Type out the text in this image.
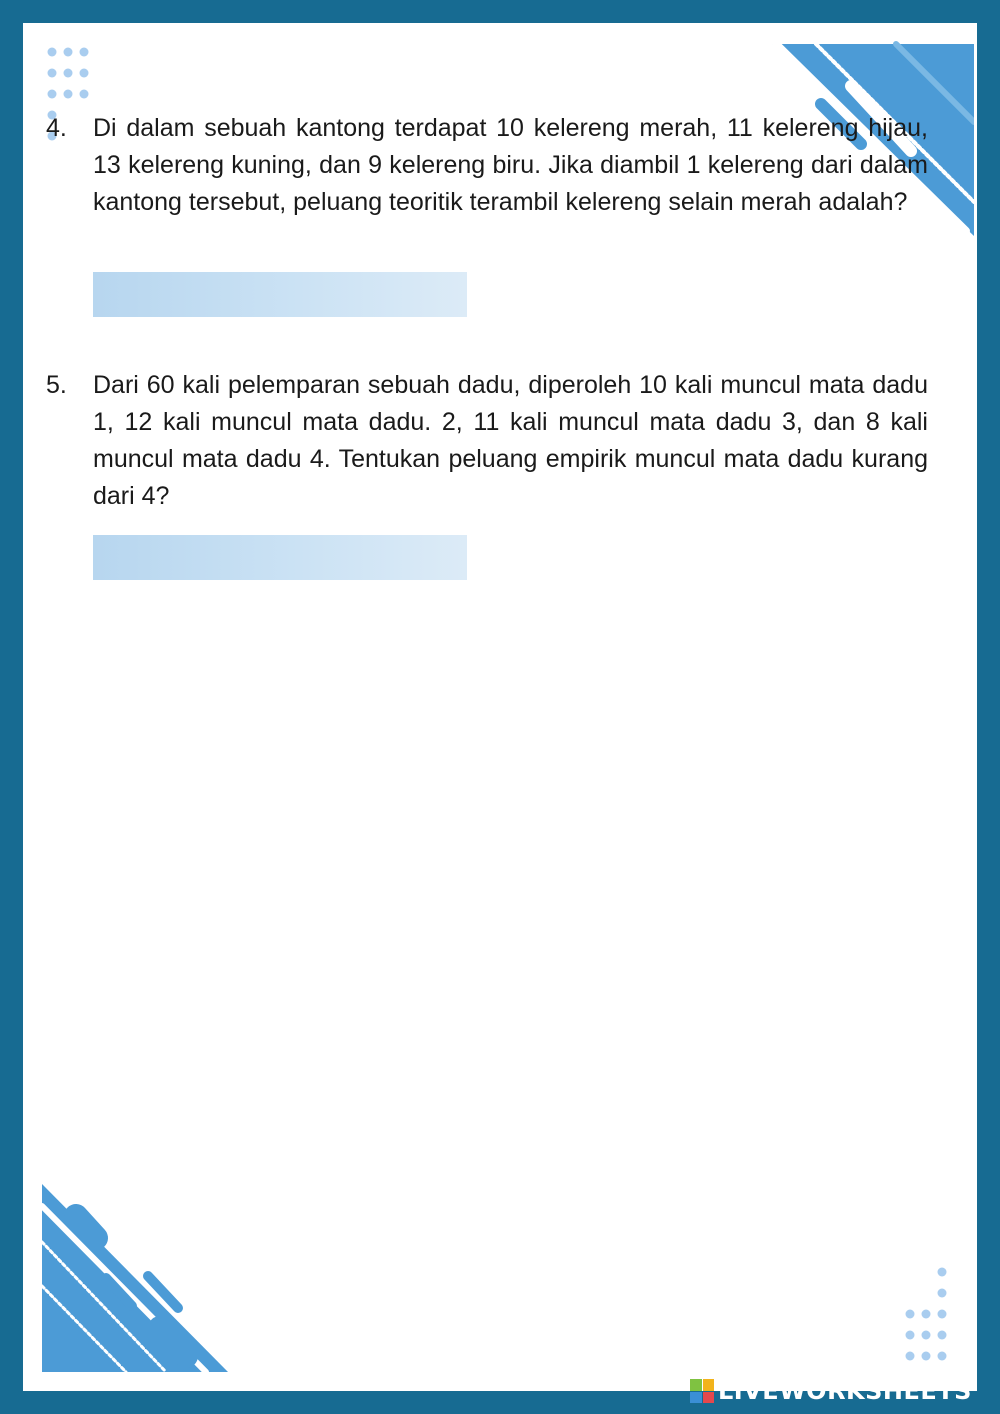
4.	Di dalam sebuah kantong terdapat 10 kelereng merah, 11 kelereng hijau, 13 kelereng kuning, dan 9 kelereng biru. Jika diambil 1 kelereng dari dalam kantong tersebut, peluang teoritik terambil kelereng selain merah adalah?
5.	Dari 60 kali pelemparan sebuah dadu, diperoleh 10 kali muncul mata dadu 1, 12 kali muncul mata dadu. 2, 11 kali muncul mata dadu 3, dan 8 kali muncul mata dadu 4. Tentukan peluang empirik muncul mata dadu kurang dari 4?
LIVEWORKSHEETS
